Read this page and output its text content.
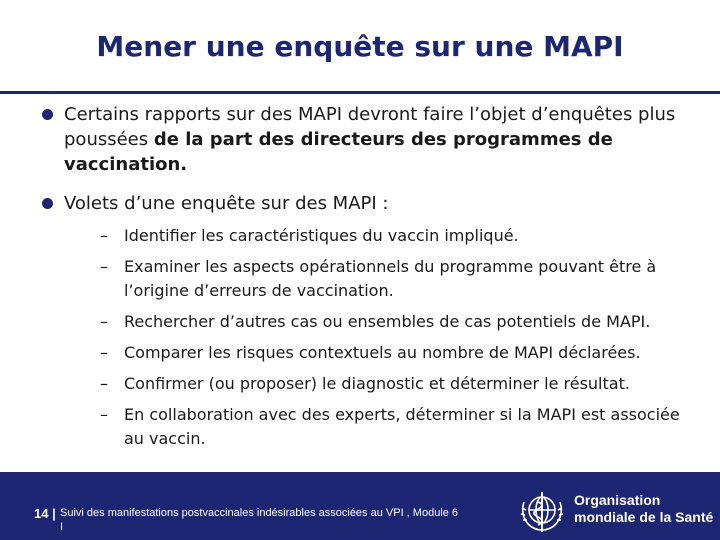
Mener une enquête sur une MAPI
Certains rapports sur des MAPI devront faire l’objet d’enquêtes plus poussées de la part des directeurs des programmes de vaccination.
Volets d’une enquête sur des MAPI :
– Identifier les caractéristiques du vaccin impliqué.
– Examiner les aspects opérationnels du programme pouvant être à l’origine d’erreurs de vaccination.
– Rechercher d’autres cas ou ensembles de cas potentiels de MAPI.
– Comparer les risques contextuels au nombre de MAPI déclarées.
– Confirmer (ou proposer) le diagnostic et déterminer le résultat.
– En collaboration avec des experts, déterminer si la MAPI est associée au vaccin.
14 | Suivi des manifestations postvaccinales indésirables associées au VPI , Module 6 I
Organisation mondiale de la Santé
